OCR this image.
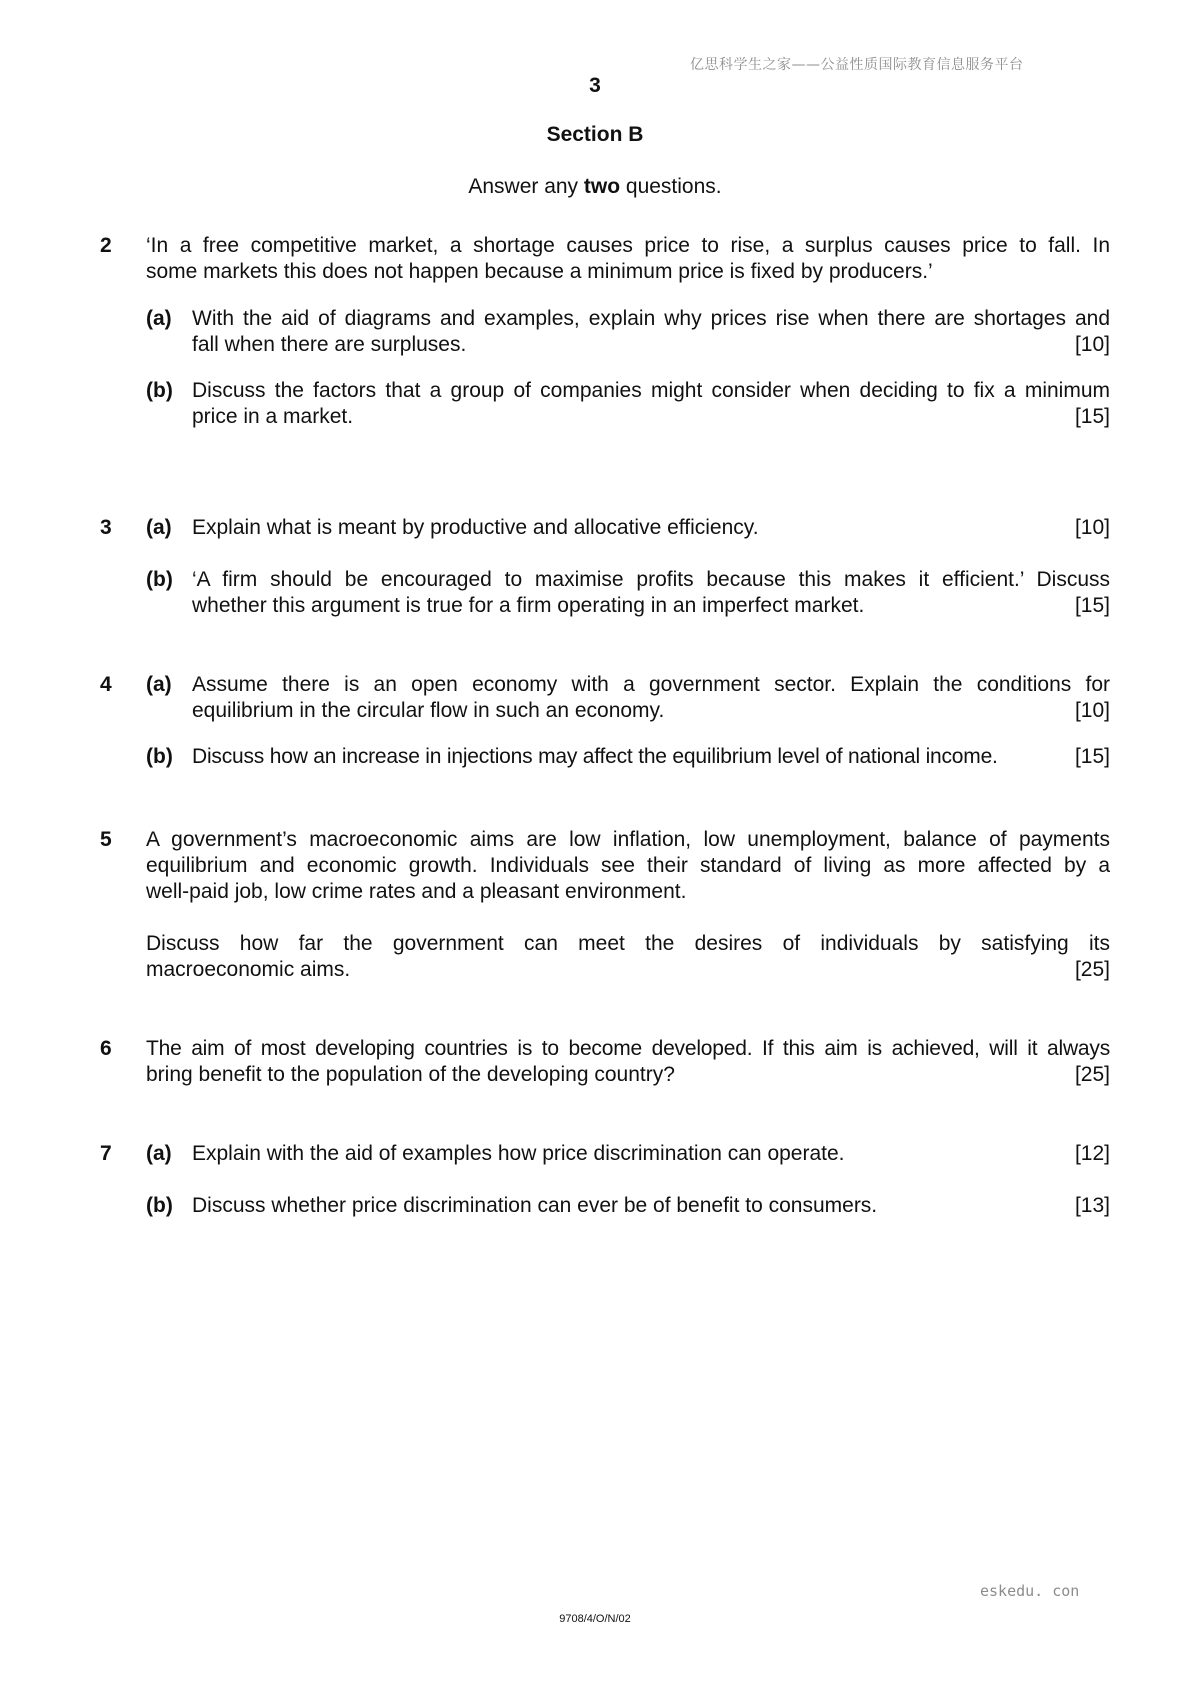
亿思科学生之家——公益性质国际教育信息服务平台
3
Section B
Answer any two questions.
2 ‘In a free competitive market, a shortage causes price to rise, a surplus causes price to fall. In
some markets this does not happen because a minimum price is fixed by producers.’
(a) With the aid of diagrams and examples, explain why prices rise when there are shortages and
fall when there are surpluses.	[10]
(b) Discuss the factors that a group of companies might consider when deciding to fix a minimum
price in a market.	[15]
3 (a) Explain what is meant by productive and allocative efficiency.	[10]
(b) ‘A firm should be encouraged to maximise profits because this makes it efficient.’ Discuss
whether this argument is true for a firm operating in an imperfect market.	[15]
4 (a) Assume there is an open economy with a government sector. Explain the conditions for
equilibrium in the circular flow in such an economy.	[10]
(b) Discuss how an increase in injections may affect the equilibrium level of national income.	[15]
5 A government’s macroeconomic aims are low inflation, low unemployment, balance of payments
equilibrium and economic growth. Individuals see their standard of living as more affected by a
well-paid job, low crime rates and a pleasant environment.
Discuss how far the government can meet the desires of individuals by satisfying its
macroeconomic aims.	[25]
6 The aim of most developing countries is to become developed. If this aim is achieved, will it always
bring benefit to the population of the developing country?	[25]
7 (a) Explain with the aid of examples how price discrimination can operate.	[12]
(b) Discuss whether price discrimination can ever be of benefit to consumers.	[13]
eskedu. con
9708/4/O/N/02
